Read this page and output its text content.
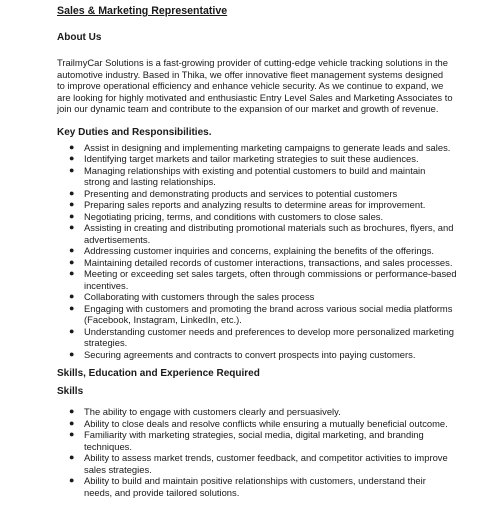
Sales & Marketing Representative
About Us

TrailmyCar Solutions is a fast-growing provider of cutting-edge vehicle tracking solutions in the

automotive industry. Based in Thika, we offer innovative fleet management systems designed

to improve operational efficiency and enhance vehicle security. As we continue to expand, we

are looking for highly motivated and enthusiastic Entry Level Sales and Marketing Associates to

join our dynamic team and contribute to the expansion of our market and growth of revenue.

Key Duties and Responsibilities.
● Assist in designing and implementing marketing campaigns to generate leads and sales.
● Identifying target markets and tailor marketing strategies to suit these audiences.
● Managing relationships with existing and potential customers to build and maintain
strong and lasting relationships.
● Presenting and demonstrating products and services to potential customers
● Preparing sales reports and analyzing results to determine areas for improvement.
● Negotiating pricing, terms, and conditions with customers to close sales.
● Assisting in creating and distributing promotional materials such as brochures, flyers, and
advertisements.
● Addressing customer inquiries and concerns, explaining the benefits of the offerings.
● Maintaining detailed records of customer interactions, transactions, and sales processes.
● Meeting or exceeding set sales targets, often through commissions or performance-based
incentives.
● Collaborating with customers through the sales process
● Engaging with customers and promoting the brand across various social media platforms
(Facebook, Instagram, LinkedIn, etc.).
● Understanding customer needs and preferences to develop more personalized marketing
strategies.
● Securing agreements and contracts to convert prospects into paying customers.
Skills, Education and Experience Required
Skills
● The ability to engage with customers clearly and persuasively.
● Ability to close deals and resolve conflicts while ensuring a mutually beneficial outcome.
● Familiarity with marketing strategies, social media, digital marketing, and branding
techniques.
● Ability to assess market trends, customer feedback, and competitor activities to improve
sales strategies.
● Ability to build and maintain positive relationships with customers, understand their
needs, and provide tailored solutions.
